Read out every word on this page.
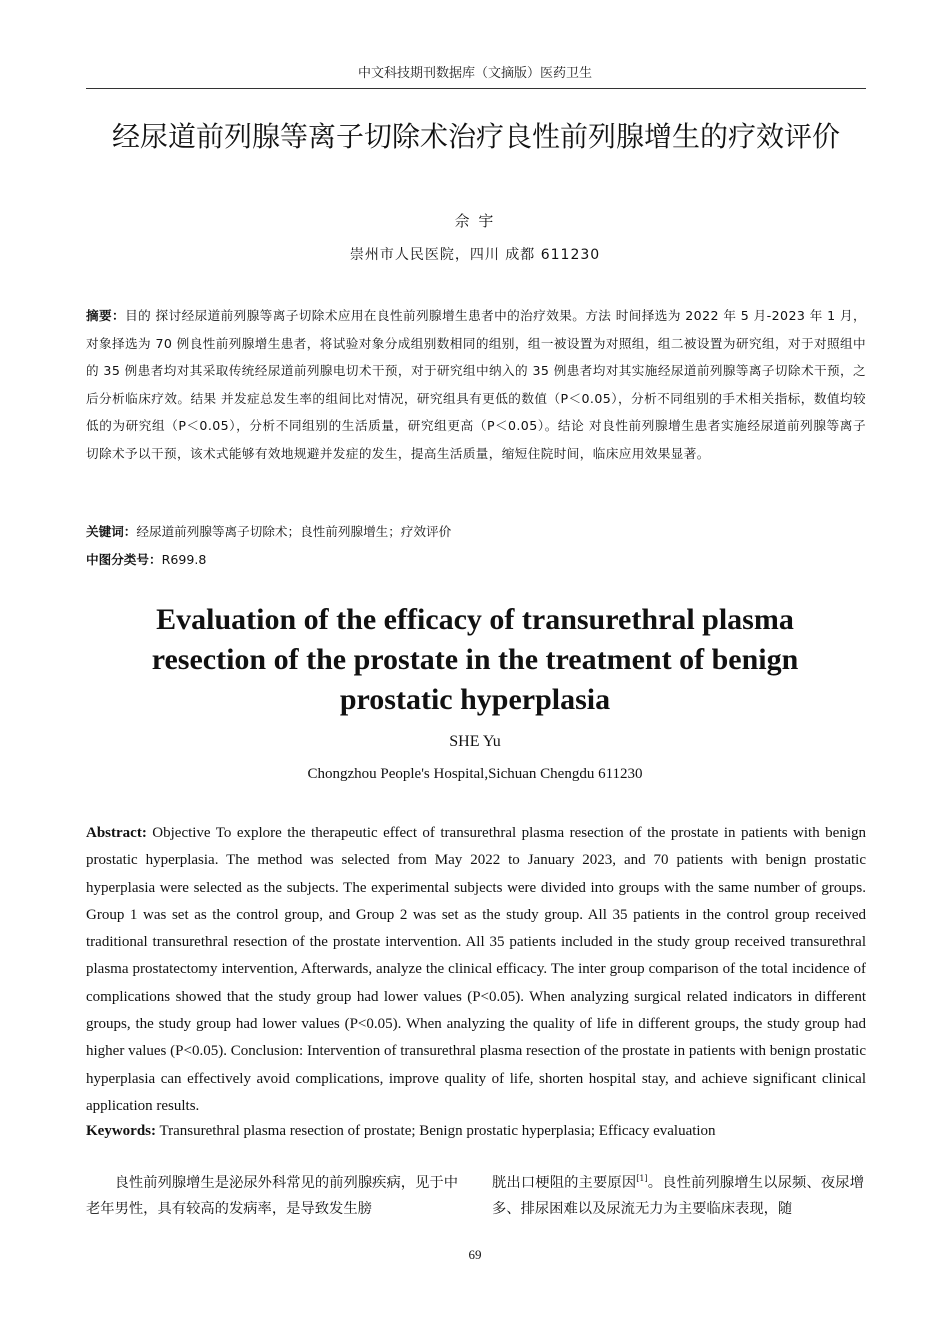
中文科技期刊数据库（文摘版）医药卫生
经尿道前列腺等离子切除术治疗良性前列腺增生的疗效评价
佘 宇
崇州市人民医院，四川 成都 611230
摘要：目的 探讨经尿道前列腺等离子切除术应用在良性前列腺增生患者中的治疗效果。方法 时间择选为 2022 年 5 月-2023 年 1 月，对象择选为 70 例良性前列腺增生患者，将试验对象分成组别数相同的组别，组一被设置为对照组，组二被设置为研究组，对于对照组中的 35 例患者均对其采取传统经尿道前列腺电切术干预，对于研究组中纳入的 35 例患者均对其实施经尿道前列腺等离子切除术干预，之后分析临床疗效。结果 并发症总发生率的组间比对情况，研究组具有更低的数值（P＜0.05），分析不同组别的手术相关指标，数值均较低的为研究组（P＜0.05），分析不同组别的生活质量，研究组更高（P＜0.05）。结论 对良性前列腺增生患者实施经尿道前列腺等离子切除术予以干预，该术式能够有效地规避并发症的发生，提高生活质量，缩短住院时间，临床应用效果显著。
关键词：经尿道前列腺等离子切除术；良性前列腺增生；疗效评价
中图分类号：R699.8
Evaluation of the efficacy of transurethral plasma resection of the prostate in the treatment of benign prostatic hyperplasia
SHE Yu
Chongzhou People's Hospital,Sichuan Chengdu 611230
Abstract: Objective To explore the therapeutic effect of transurethral plasma resection of the prostate in patients with benign prostatic hyperplasia. The method was selected from May 2022 to January 2023, and 70 patients with benign prostatic hyperplasia were selected as the subjects. The experimental subjects were divided into groups with the same number of groups. Group 1 was set as the control group, and Group 2 was set as the study group. All 35 patients in the control group received traditional transurethral resection of the prostate intervention. All 35 patients included in the study group received transurethral plasma prostatectomy intervention, Afterwards, analyze the clinical efficacy. The inter group comparison of the total incidence of complications showed that the study group had lower values (P<0.05). When analyzing surgical related indicators in different groups, the study group had lower values (P<0.05). When analyzing the quality of life in different groups, the study group had higher values (P<0.05). Conclusion: Intervention of transurethral plasma resection of the prostate in patients with benign prostatic hyperplasia can effectively avoid complications, improve quality of life, shorten hospital stay, and achieve significant clinical application results.
Keywords: Transurethral plasma resection of prostate; Benign prostatic hyperplasia; Efficacy evaluation
良性前列腺增生是泌尿外科常见的前列腺疾病，见于中老年男性，具有较高的发病率，是导致发生膀
胱出口梗阻的主要原因[1]。良性前列腺增生以尿频、夜尿增多、排尿困难以及尿流无力为主要临床表现，随
69
